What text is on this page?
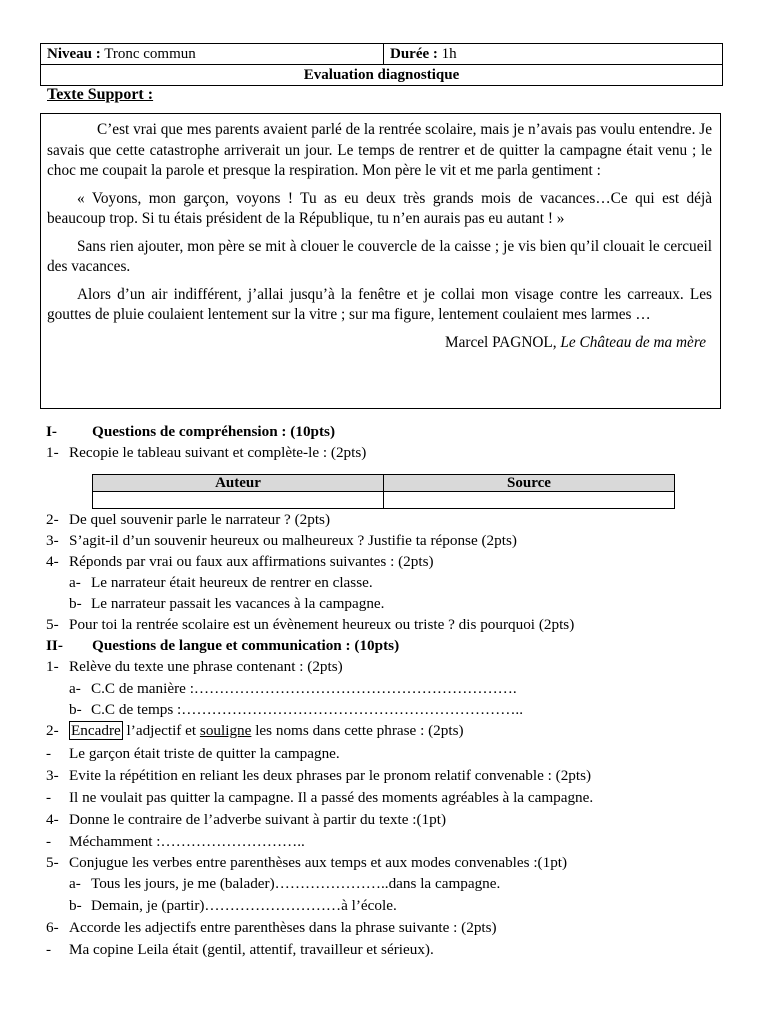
Niveau : Tronc commun	Durée : 1h
Evaluation diagnostique
Texte Support :

C’est vrai que mes parents avaient parlé de la rentrée scolaire, mais je n’avais pas voulu entendre. Je savais que cette catastrophe arriverait un jour. Le temps de rentrer et de quitter la campagne était venu ; le choc me coupait la parole et presque la respiration. Mon père le vit et me parla gentiment :

« Voyons, mon garçon, voyons ! Tu as eu deux très grands mois de vacances…Ce qui est déjà beaucoup trop. Si tu étais président de la République, tu n’en aurais pas eu autant ! »

Sans rien ajouter, mon père se mit à clouer le couvercle de la caisse ; je vis bien qu’il clouait le cercueil des vacances.

Alors d’un air indifférent, j’allai jusqu’à la fenêtre et je collai mon visage contre les carreaux. Les gouttes de pluie coulaient lentement sur la vitre ; sur ma figure, lentement coulaient mes larmes …

Marcel PAGNOL, Le Château de ma mère
I- Questions de compréhension : (10pts)
1- Recopie le tableau suivant et complète-le : (2pts)
Auteur	Source

2- De quel souvenir parle le narrateur ? (2pts)
3- S’agit-il d’un souvenir heureux ou malheureux ? Justifie ta réponse (2pts)
4- Réponds par vrai ou faux aux affirmations suivantes : (2pts)
a- Le narrateur était heureux de rentrer en classe.
b- Le narrateur passait les vacances à la campagne.
5- Pour toi la rentrée scolaire est un évènement heureux ou triste ? dis pourquoi (2pts)
II- Questions de langue et communication : (10pts)
1- Relève du texte une phrase contenant : (2pts)
a- C.C de manière :……………………………………………………….
b- C.C de temps :…………………………………………………………..
2- Encadre l’adjectif et souligne les noms dans cette phrase : (2pts)
- Le garçon était triste de quitter la campagne.
3- Evite la répétition en reliant les deux phrases par le pronom relatif convenable : (2pts)
- Il ne voulait pas quitter la campagne. Il a passé des moments agréables à la campagne.
4- Donne le contraire de l’adverbe suivant à partir du texte :(1pt)
- Méchamment :………………………..
5- Conjugue les verbes entre parenthèses aux temps et aux modes convenables :(1pt)
a- Tous les jours, je me (balader)…………………..dans la campagne.
b- Demain, je (partir)………………………à l’école.
6- Accorde les adjectifs entre parenthèses dans la phrase suivante : (2pts)
- Ma copine Leila était (gentil, attentif, travailleur et sérieux).
